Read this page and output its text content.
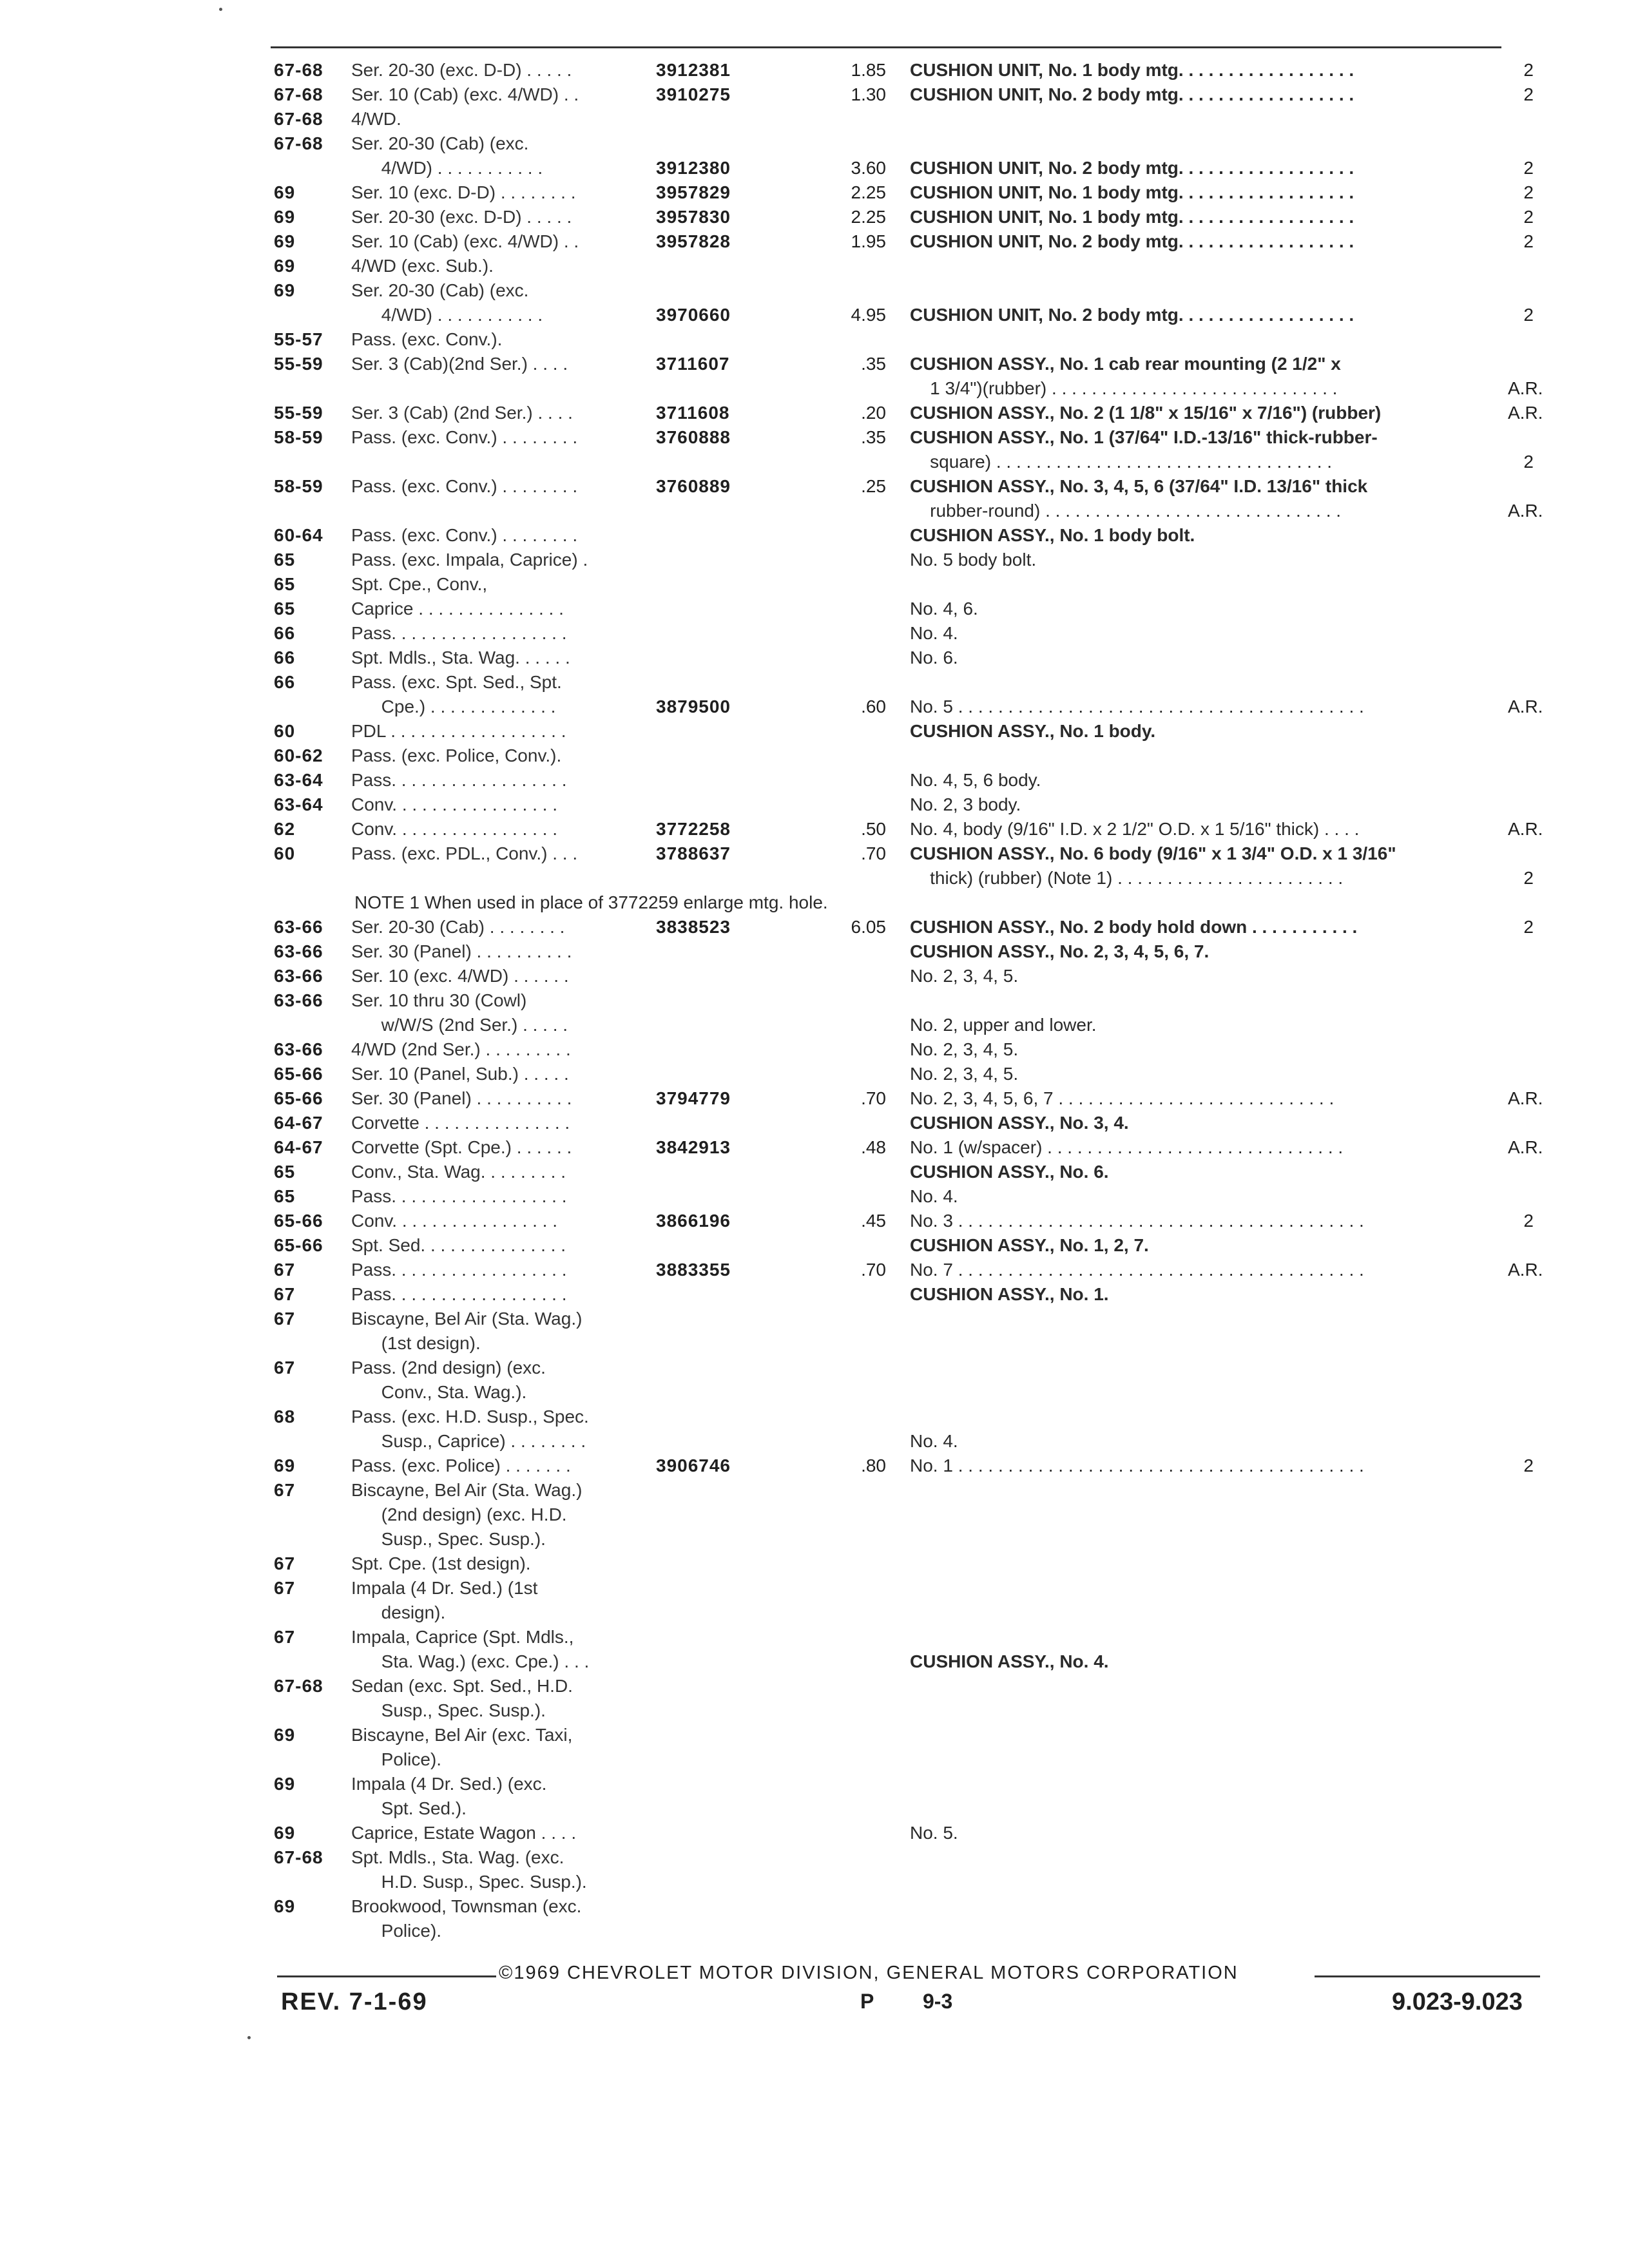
67-68 Ser. 20-30 (exc. D-D) . . . . .	3912381	1.85 CUSHION UNIT, No. 1 body mtg. . . . . . . . . . . . . . . . . .	2
67-68 Ser. 10 (Cab) (exc. 4/WD) . .	3910275	1.30 CUSHION UNIT, No. 2 body mtg. . . . . . . . . . . . . . . . . .	2
67-68 4/WD.
67-68 Ser. 20-30 (Cab) (exc.
4/WD) . . . . . . . . . . .	3912380	3.60 CUSHION UNIT, No. 2 body mtg. . . . . . . . . . . . . . . . . .	2
69	Ser. 10 (exc. D-D) . . . . . . . .	3957829	2.25 CUSHION UNIT, No. 1 body mtg. . . . . . . . . . . . . . . . . .	2
69	Ser. 20-30 (exc. D-D) . . . . .	3957830	2.25 CUSHION UNIT, No. 1 body mtg. . . . . . . . . . . . . . . . . .	2
69	Ser. 10 (Cab) (exc. 4/WD) . .	3957828	1.95 CUSHION UNIT, No. 2 body mtg. . . . . . . . . . . . . . . . . .	2
69	4/WD (exc. Sub.).
69	Ser. 20-30 (Cab) (exc.
4/WD) . . . . . . . . . . .	3970660	4.95 CUSHION UNIT, No. 2 body mtg. . . . . . . . . . . . . . . . . .	2
55-57 Pass. (exc. Conv.).
55-59 Ser. 3 (Cab)(2nd Ser.) . . . .	3711607	.35 CUSHION ASSY., No. 1 cab rear mounting (2 1/2" x
1 3/4")(rubber) . . . . . . . . . . . . . . . . . . . . . . . . . . . . .	A.R.
55-59 Ser. 3 (Cab) (2nd Ser.) . . . .	3711608	.20 CUSHION ASSY., No. 2 (1 1/8" x 15/16" x 7/16") (rubber)	A.R.
58-59 Pass. (exc. Conv.) . . . . . . . .	3760888	.35 CUSHION ASSY., No. 1 (37/64" I.D.-13/16" thick-rubber-
square) . . . . . . . . . . . . . . . . . . . . . . . . . . . . . . . . . .	2
58-59 Pass. (exc. Conv.) . . . . . . . .	3760889	.25 CUSHION ASSY., No. 3, 4, 5, 6 (37/64" I.D. 13/16" thick
rubber-round) . . . . . . . . . . . . . . . . . . . . . . . . . . . . . .	A.R.
60-64 Pass. (exc. Conv.) . . . . . . . .	CUSHION ASSY., No. 1 body bolt.
65	Pass. (exc. Impala, Caprice) .	No. 5 body bolt.
65	Spt. Cpe., Conv.,
65	Caprice . . . . . . . . . . . . . . .	No. 4, 6.
66	Pass. . . . . . . . . . . . . . . . . .	No. 4.
66	Spt. Mdls., Sta. Wag. . . . . .	No. 6.
66	Pass. (exc. Spt. Sed., Spt.
Cpe.) . . . . . . . . . . . . .	3879500	.60 No. 5 . . . . . . . . . . . . . . . . . . . . . . . . . . . . . . . . . . . . . . . . .	A.R.
60	PDL . . . . . . . . . . . . . . . . . .	CUSHION ASSY., No. 1 body.
60-62 Pass. (exc. Police, Conv.).
63-64 Pass. . . . . . . . . . . . . . . . . .	No. 4, 5, 6 body.
63-64 Conv. . . . . . . . . . . . . . . . .	No. 2, 3 body.
62	Conv. . . . . . . . . . . . . . . . .	3772258	.50 No. 4, body (9/16" I.D. x 2 1/2" O.D. x 1 5/16" thick) . . . .	A.R.
60	Pass. (exc. PDL., Conv.) . . .	3788637	.70 CUSHION ASSY., No. 6 body (9/16" x 1 3/4" O.D. x 1 3/16"
thick) (rubber) (Note 1) . . . . . . . . . . . . . . . . . . . . . . .	2
NOTE 1 When used in place of 3772259 enlarge mtg. hole.
63-66 Ser. 20-30 (Cab) . . . . . . . .	3838523	6.05 CUSHION ASSY., No. 2 body hold down . . . . . . . . . . .	2
63-66 Ser. 30 (Panel) . . . . . . . . . .	CUSHION ASSY., No. 2, 3, 4, 5, 6, 7.
63-66 Ser. 10 (exc. 4/WD) . . . . . .	No. 2, 3, 4, 5.
63-66 Ser. 10 thru 30 (Cowl)
w/W/S (2nd Ser.) . . . . .	No. 2, upper and lower.
63-66 4/WD (2nd Ser.) . . . . . . . . .	No. 2, 3, 4, 5.
65-66 Ser. 10 (Panel, Sub.) . . . . .	No. 2, 3, 4, 5.
65-66 Ser. 30 (Panel) . . . . . . . . . .	3794779	.70 No. 2, 3, 4, 5, 6, 7 . . . . . . . . . . . . . . . . . . . . . . . . . . . .	A.R.
64-67 Corvette . . . . . . . . . . . . . . .	CUSHION ASSY., No. 3, 4.
64-67 Corvette (Spt. Cpe.) . . . . . .	3842913	.48 No. 1 (w/spacer) . . . . . . . . . . . . . . . . . . . . . . . . . . . . . .	A.R.
65	Conv., Sta. Wag. . . . . . . . .	CUSHION ASSY., No. 6.
65	Pass. . . . . . . . . . . . . . . . . .	No. 4.
65-66 Conv. . . . . . . . . . . . . . . . .	3866196	.45 No. 3 . . . . . . . . . . . . . . . . . . . . . . . . . . . . . . . . . . . . . . . . .	2
65-66 Spt. Sed. . . . . . . . . . . . . . .	CUSHION ASSY., No. 1, 2, 7.
67	Pass. . . . . . . . . . . . . . . . . .	3883355	.70 No. 7 . . . . . . . . . . . . . . . . . . . . . . . . . . . . . . . . . . . . . . . . .	A.R.
67	Pass. . . . . . . . . . . . . . . . . .	CUSHION ASSY., No. 1.
67	Biscayne, Bel Air (Sta. Wag.)
(1st design).
67	Pass. (2nd design) (exc.
Conv., Sta. Wag.).
68	Pass. (exc. H.D. Susp., Spec.
Susp., Caprice) . . . . . . . .	No. 4.
69	Pass. (exc. Police) . . . . . . .	3906746	.80 No. 1 . . . . . . . . . . . . . . . . . . . . . . . . . . . . . . . . . . . . . . . . .	2
67	Biscayne, Bel Air (Sta. Wag.)
(2nd design) (exc. H.D.
Susp., Spec. Susp.).
67	Spt. Cpe. (1st design).
67	Impala (4 Dr. Sed.) (1st
design).
67	Impala, Caprice (Spt. Mdls.,
Sta. Wag.) (exc. Cpe.) . . .	CUSHION ASSY., No. 4.
67-68 Sedan (exc. Spt. Sed., H.D.
Susp., Spec. Susp.).
69	Biscayne, Bel Air (exc. Taxi,
Police).
69	Impala (4 Dr. Sed.) (exc.
Spt. Sed.).
69	Caprice, Estate Wagon . . . .	No. 5.
67-68 Spt. Mdls., Sta. Wag. (exc.
H.D. Susp., Spec. Susp.).
69	Brookwood, Townsman (exc.
Police).
©1969 CHEVROLET MOTOR DIVISION, GENERAL MOTORS CORPORATION
REV. 7-1-69	P 9-3	9.023-9.023
